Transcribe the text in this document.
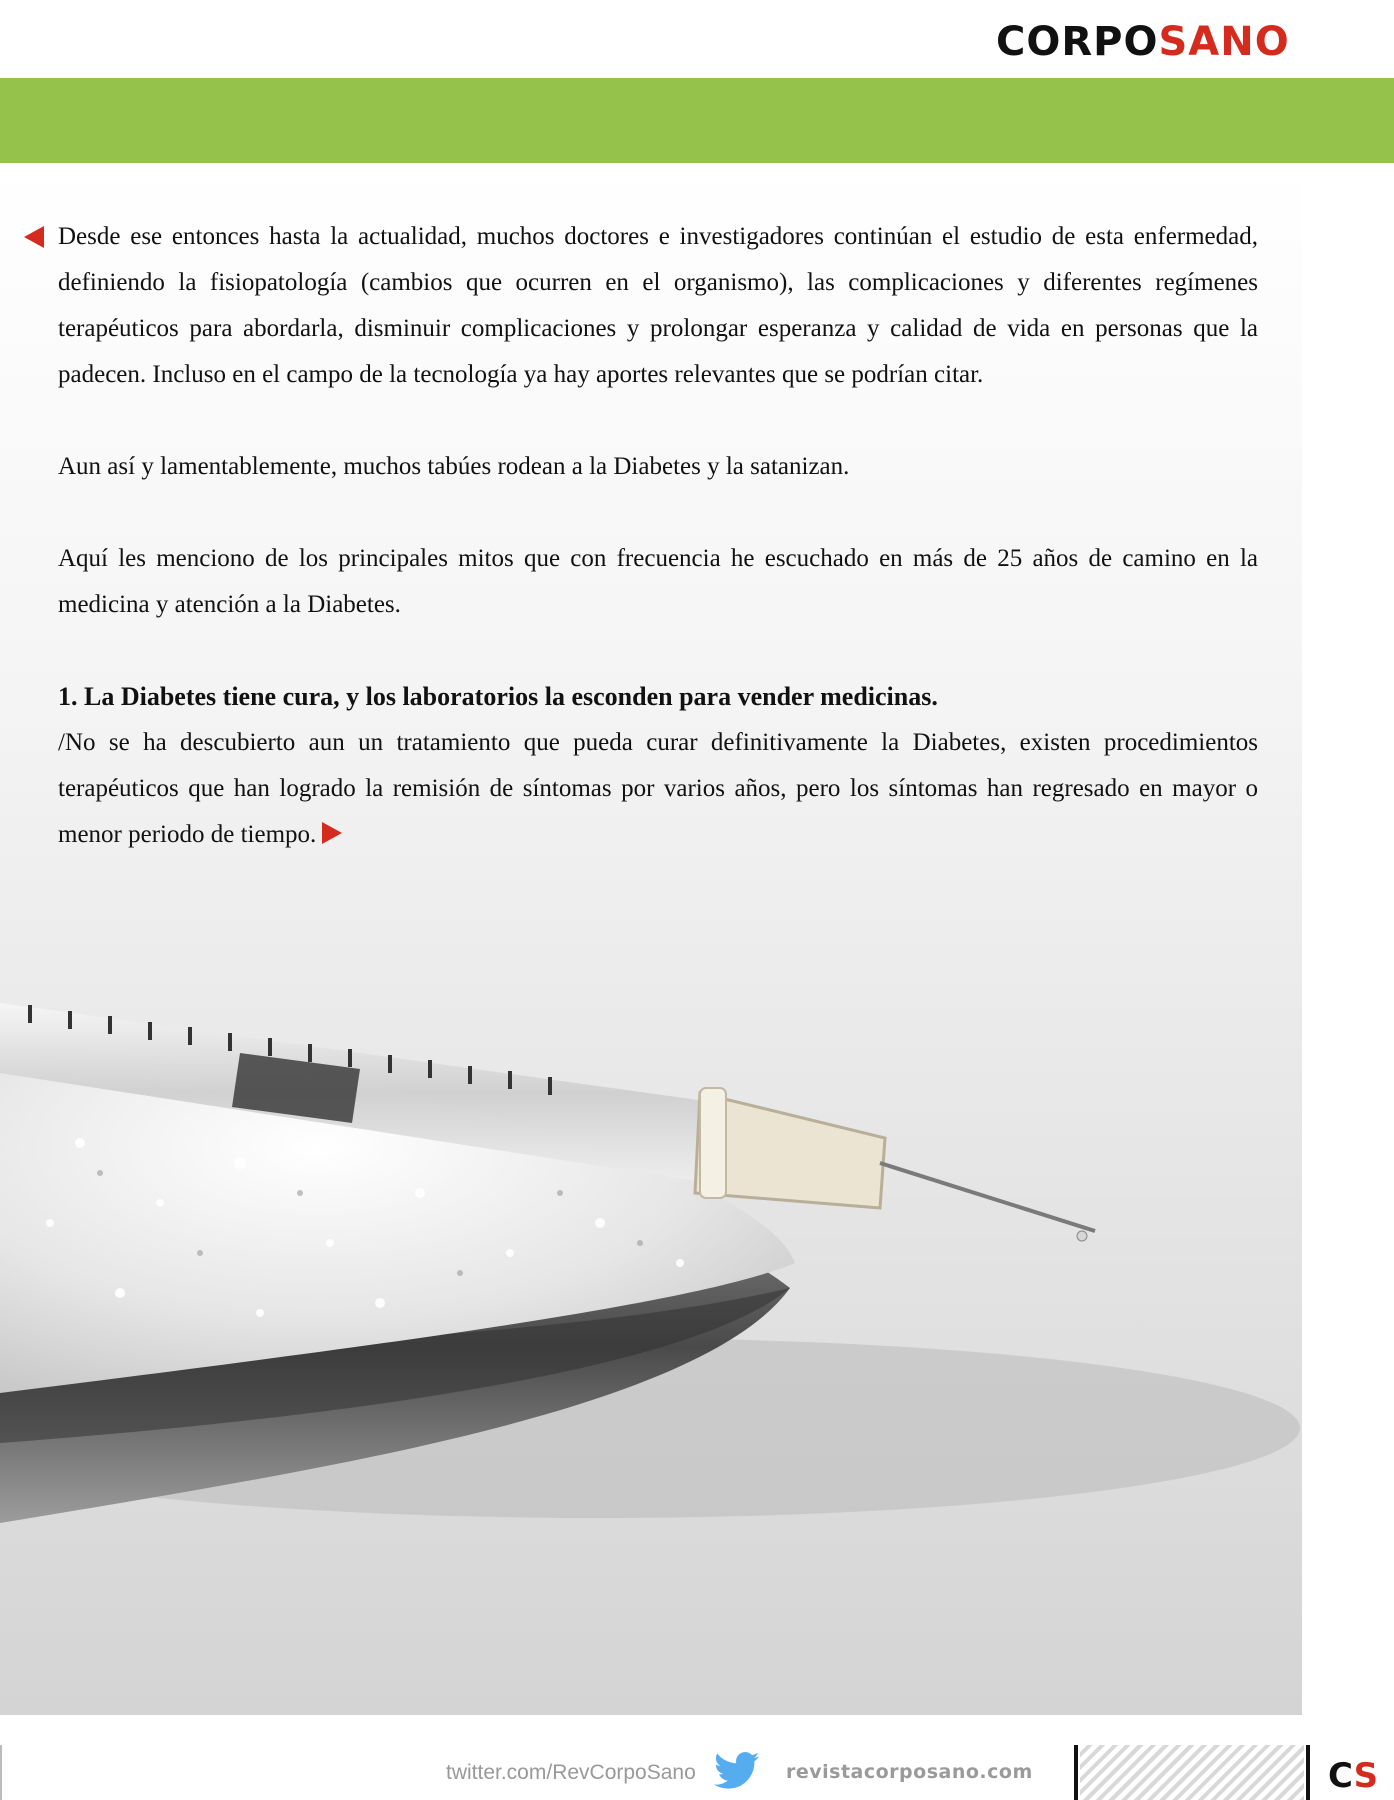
CORPOSANO

Desde ese entonces hasta la actualidad, muchos doctores e investigadores continúan el estudio de esta enfermedad, definiendo la fisiopatología (cambios que ocurren en el organismo), las complicaciones y diferentes regímenes terapéuticos para abordarla, disminuir complicaciones y prolongar esperanza y calidad de vida en personas que la padecen. Incluso en el campo de la tecnología ya hay aportes relevantes que se podrían citar.

Aun así y lamentablemente, muchos tabúes rodean a la Diabetes y la satanizan.

Aquí les menciono de los principales mitos que con frecuencia he escuchado en más de 25 años de camino en la medicina y atención a la Diabetes.

1. La Diabetes tiene cura, y los laboratorios la esconden para vender medicinas.

/No se ha descubierto aun un tratamiento que pueda curar definitivamente la Diabetes, existen procedimientos terapéuticos que han logrado la remisión de síntomas por varios años, pero los síntomas han regresado en mayor o menor periodo de tiempo.

twitter.com/RevCorpoSano	revistacorposano.com	CS
